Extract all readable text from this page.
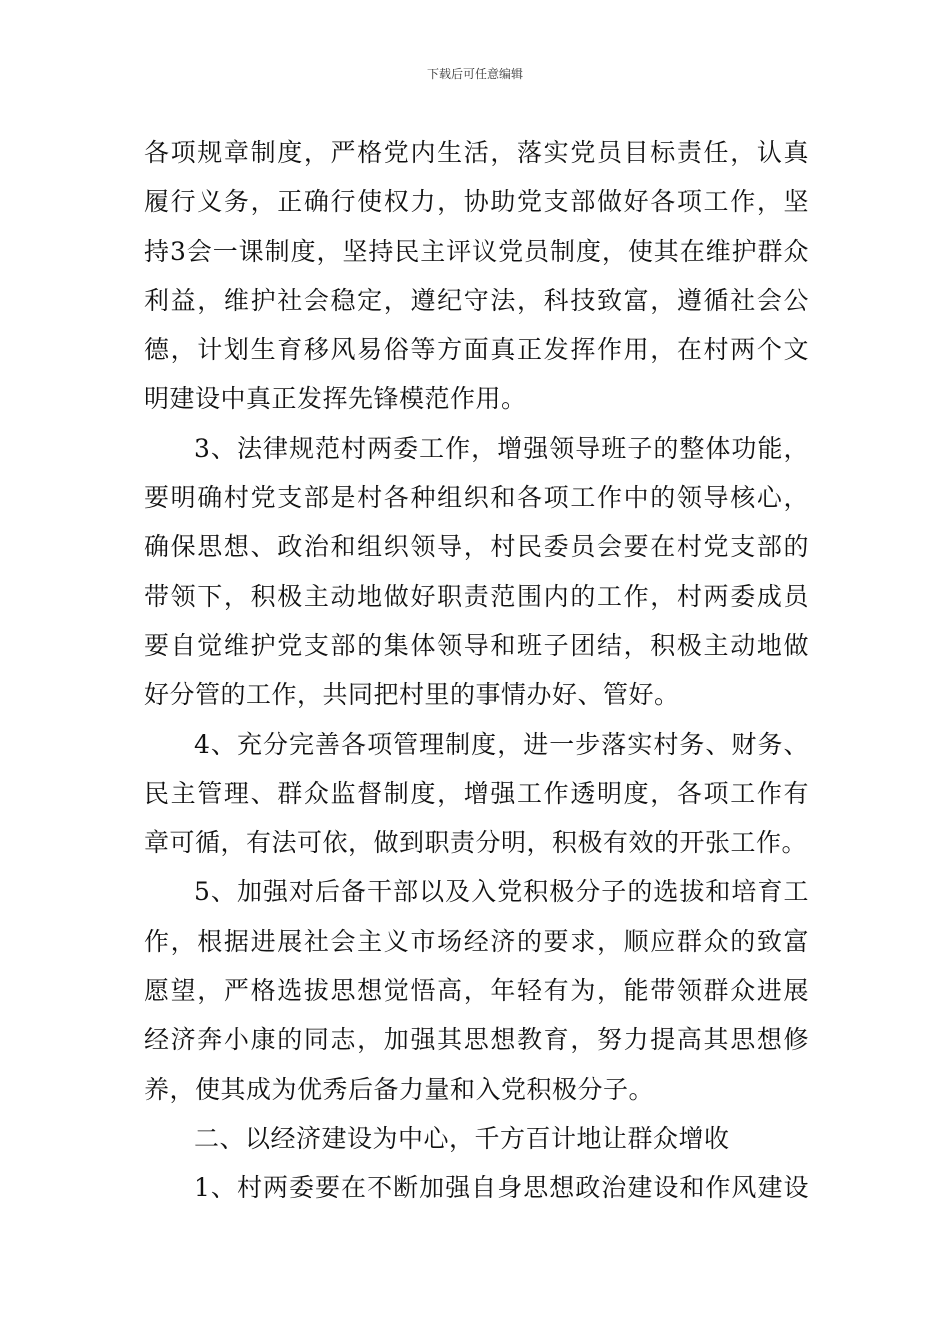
下载后可任意编辑
各项规章制度，严格党内生活，落实党员目标责任，认真
履行义务，正确行使权力，协助党支部做好各项工作，坚
持3会一课制度，坚持民主评议党员制度，使其在维护群众
利益，维护社会稳定，遵纪守法，科技致富，遵循社会公
德，计划生育移风易俗等方面真正发挥作用，在村两个文
明建设中真正发挥先锋模范作用。
3、法律规范村两委工作，增强领导班子的整体功能，
要明确村党支部是村各种组织和各项工作中的领导核心，
确保思想、政治和组织领导，村民委员会要在村党支部的
带领下，积极主动地做好职责范围内的工作，村两委成员
要自觉维护党支部的集体领导和班子团结，积极主动地做
好分管的工作，共同把村里的事情办好、管好。
4、充分完善各项管理制度，进一步落实村务、财务、
民主管理、群众监督制度，增强工作透明度，各项工作有
章可循，有法可依，做到职责分明，积极有效的开张工作。
5、加强对后备干部以及入党积极分子的选拔和培育工
作，根据进展社会主义市场经济的要求，顺应群众的致富
愿望，严格选拔思想觉悟高，年轻有为，能带领群众进展
经济奔小康的同志，加强其思想教育，努力提高其思想修
养，使其成为优秀后备力量和入党积极分子。
二、以经济建设为中心，千方百计地让群众增收
1、村两委要在不断加强自身思想政治建设和作风建设
